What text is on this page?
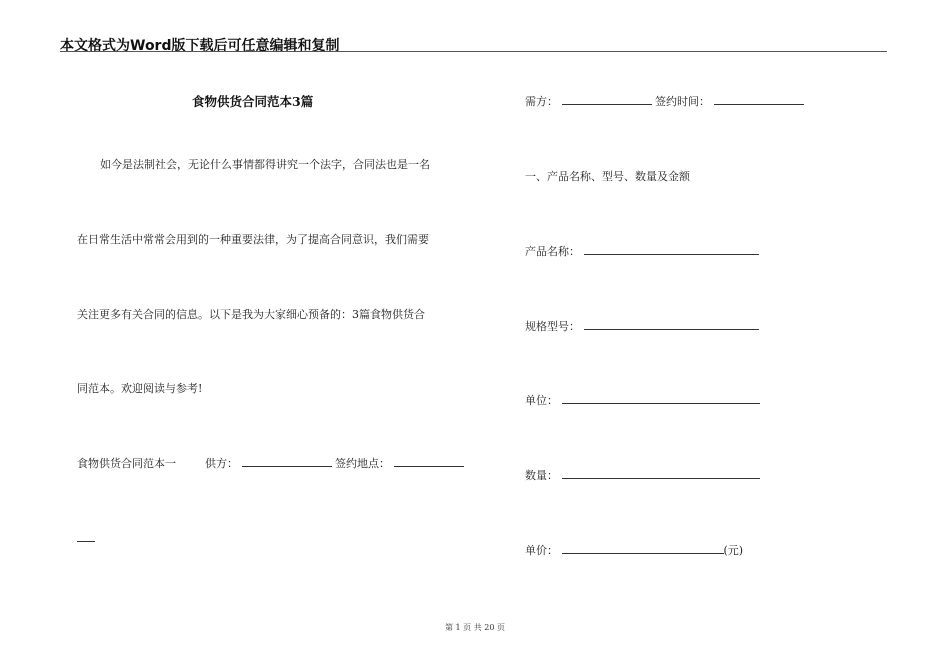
本文格式为Word版下载后可任意编辑和复制
食物供货合同范本3篇
如今是法制社会，无论什么事情都得讲究一个法字，合同法也是一名
在日常生活中常常会用到的一种重要法律，为了提高合同意识，我们需要
关注更多有关合同的信息。以下是我为大家细心预备的：3篇食物供货合
同范本。欢迎阅读与参考!
食物供货合同范本一	供方：	签约地点：
需方：	签约时间：
一、产品名称、型号、数量及金额
产品名称：
规格型号：
单位：
数量：
单价：	(元)
第 1 页 共 20 页
